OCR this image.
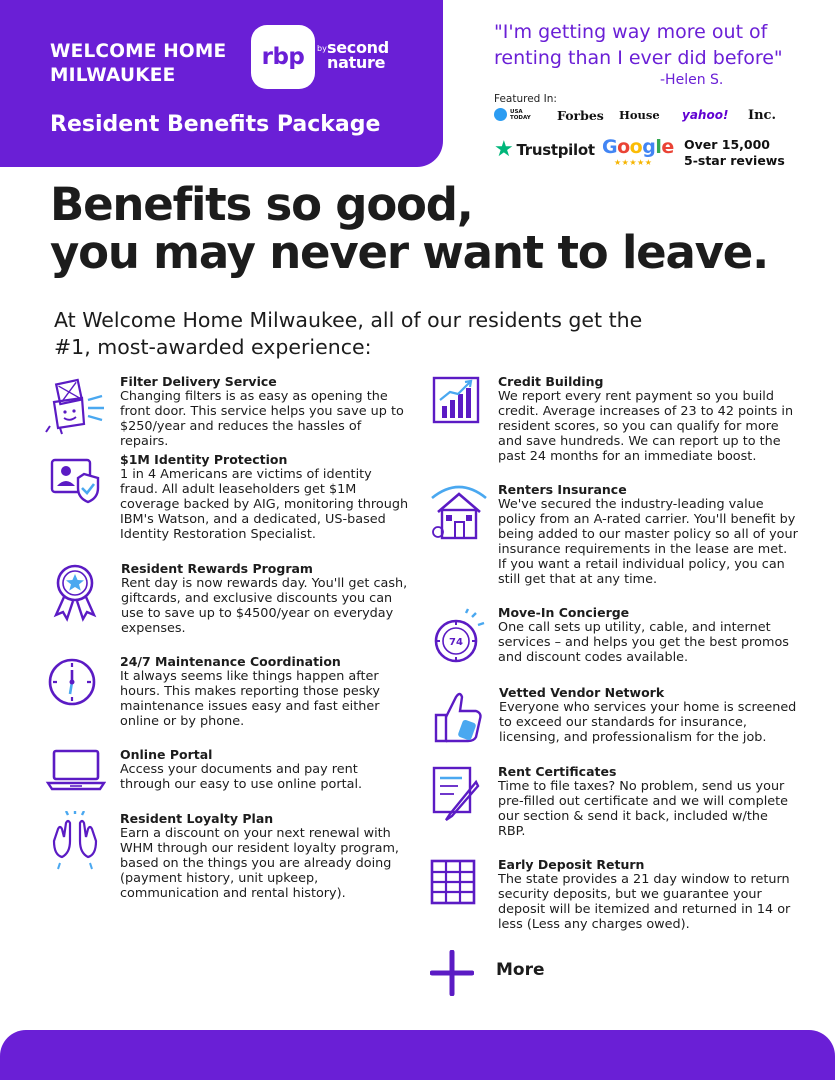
WELCOME HOME
MILWAUKEE
rbp	by second nature
Resident Benefits Package
"I'm getting way more out of renting than I ever did before"
-Helen S.
Featured In:
USA TODAY Forbes House yahoo! Inc.
★ Trustpilot Google
★★★★★
Over 15,000
5-star reviews
Benefits so good,
you may never want to leave.
At Welcome Home Milwaukee, all of our residents get the #1, most-awarded experience:
Filter Delivery Service
Changing filters is as easy as opening the front door. This service helps you save up to $250/year and reduces the hassles of repairs.
$1M Identity Protection
1 in 4 Americans are victims of identity fraud. All adult leaseholders get $1M coverage backed by AIG, monitoring through IBM's Watson, and a dedicated, US-based Identity Restoration Specialist.
Resident Rewards Program
Rent day is now rewards day. You'll get cash, giftcards, and exclusive discounts you can use to save up to $4500/year on everyday expenses.
24/7 Maintenance Coordination
It always seems like things happen after hours. This makes reporting those pesky maintenance issues easy and fast either online or by phone.
Online Portal
Access your documents and pay rent through our easy to use online portal.
Resident Loyalty Plan
Earn a discount on your next renewal with WHM through our resident loyalty program, based on the things you are already doing (payment history, unit upkeep, communication and rental history).
Credit Building
We report every rent payment so you build credit. Average increases of 23 to 42 points in resident scores, so you can qualify for more and save hundreds. We can report up to the past 24 months for an immediate boost.
Renters Insurance
We've secured the industry-leading value policy from an A-rated carrier. You'll benefit by being added to our master policy so all of your insurance requirements in the lease are met. If you want a retail individual policy, you can still get that at any time.
74
Move-In Concierge
One call sets up utility, cable, and internet services – and helps you get the best promos and discount codes available.
Vetted Vendor Network
Everyone who services your home is screened to exceed our standards for insurance, licensing, and professionalism for the job.
Rent Certificates
Time to file taxes? No problem, send us your pre-filled out certificate and we will complete our section & send it back, included w/the RBP.
Early Deposit Return
The state provides a 21 day window to return security deposits, but we guarantee your deposit will be itemized and returned in 14 or less (Less any charges owed).
More
